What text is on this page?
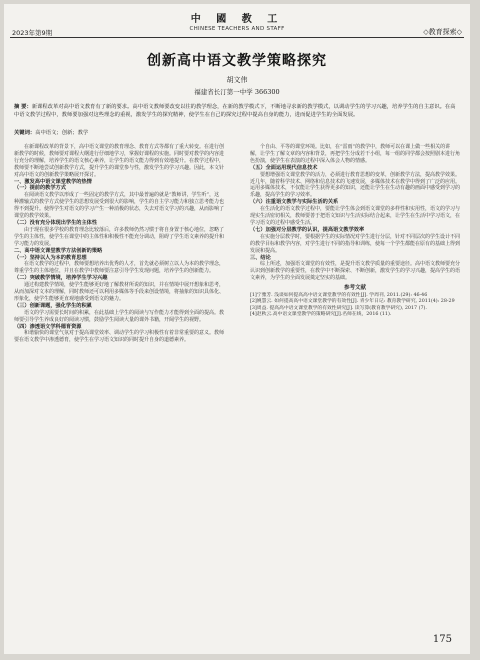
中 國 教 工
CHINESE TEACHERS AND STAFF
2023年第9期	◇教育探索◇
创新高中语文教学策略探究
胡文伟
福建省长汀第一中学 366300
摘 要：新课程改革对高中语文教育有了新的要求。高中语文教师要改变以往的教学理念，在新的教学模式下，不断地寻求新的教学模式，以调动学生的学习兴趣，培养学生的自主意识。在高中语文教学过程中，教师要加强对这些理念的重视，激发学生的探究精神，使学生在自己的探究过程中提高自身的能力，进而促进学生的全面发展。
关键词：高中语文；创新；教学

在新课程改革的背景下，高中语文课堂的教育理念、教育方式等都有了重大转变。在进行创新教学的时候，教师要对课程大纲进行仔细地学习，掌握好课程的实施。同时要对教学的内容进行充分的理解，培养学生的语文核心素养，让学生的语文能力得到有效地提升。在教学过程中，教师要不断地尝试创新教学方式，提升学生的课堂参与性，激发学生的学习兴趣。因此，本文针对高中语文的创新教学策略展开探讨。

一、激发高中语文课堂教学的热情
（一）提前的教学方式

在阅读语文教学以形成了一些固定的教学方式，其中最普遍的就是“教师讲，学生听”，这种灌输式的教学方式使学生的思想发展受到很大的影响，学生的自主学习能力和独立思考能力也得不到提升。使得学生对语文的学习产生一种消极的状态，失去对语文学习的兴趣，从而影响了课堂的教学效果。

（二）没有充分体现出学生的主体性

由于现在很多学校的教育理念比较落后，许多教师仍然习惯于将自身置于核心地位，忽略了学生的主体性，使学生在课堂中的主体性和积极性不能充分调动，阻碍了学生语文素养的提升和学习能力的发展。

二、高中语文课堂教学方法创新的策略
（一）坚持以人为本的教育思想

在语文教学的过程中，教师要想培养出优秀的人才，首先就必须树立以人为本的教学理念，尊重学生的主体地位，并且在教学中教师要注意引导学生发现问题，培养学生的创新能力。

（二）突破教学情境，培养学生学习兴趣

通过构建教学情境，使学生能够更好地了解教材所说的知识，并在情境中展开想象和思考，从而加深对文本的理解，同时教师还可以利用多媒体等手段来创设情境，将抽象的知识具体化、形象化，使学生能够更直观地感受到语文的魅力。

（三）创新课题，强化学生的积累

语文的学习需要长时间的积累，在此基础上学生的阅读与写作能力才能得到全面的提高。教师要引导学生养成良好的阅读习惯，鼓励学生阅读大量的课外书籍，开阔学生的视野。

（四）渗透语文学科德育资源

和谐愉快的课堂气氛对于提高课堂效率、调动学生的学习积极性有着非常重要的意义。教师要在语文教学中渗透德育，使学生在学习语文知识的同时提升自身的道德素养。

个自由、平等的课堂环境。比如，在“雷雨”的教学中，教师可以在课上做一些相关的讲解，让学生了解文章的内容和背景，再把学生分成若干小组，每一组的同学都会按照剧本进行角色扮演，使学生在表演的过程中深入体会人物的情感。

（五）全面运用现代信息技术

要想增强语文课堂教学的活力，必须进行教育思想的变革，创新教学方法，提高教学效果。近几年，随着科学技术、网络和信息技术的飞速发展，多媒体技术在教学中得到了广泛的应用。运用多媒体技术，不仅能让学生获得更多的知识，还能让学生在生动有趣的画面中感受到学习的乐趣，提高学生的学习效率。

（六）注重语文教学与实际生活的关系

在生活化的语文教学过程中，要能让学生体会到语文课堂的多样性和实用性，语文的学习与现实生活密切相关，教师要善于把语文知识与生活实际结合起来，让学生在生活中学习语文，在学习语文的过程中感受生活。

（七）加强对分层教学的认识，提高语文教学效率

在实施分层教学时，要根据学生的实际情况对学生进行分层，针对不同层次的学生设计不同的教学目标和教学内容，对学生进行不同的指导和训练，使每一个学生都能在原有的基础上得到发展和提高。

三、结论

综上所述，加强语文课堂的有效性，是提升语文教学质量的重要途径。高中语文教师要充分认识到创新教学的重要性，在教学中不断探索、不断创新，激发学生的学习兴趣，提高学生的语文素养，为学生的全面发展奠定坚实的基础。

参考文献

[1]宁雅芳. 浅谈如何提高高中语文课堂教学的有效性[J]. 学周刊, 2011.(29): 46-46

[2]姚慧云. 如何提高高中语文课堂教学的有效性[J]. 青少年日记: 教育教学研究, 2011(4): 28-29

[3]周益. 提高高中语文课堂教学的有效性研究[J]. 读写算(教育教学研究), 2017 (7).

[4]赵秋云.高中语文课堂教学的策略研究[J].名师在线，2016 (11).

175
